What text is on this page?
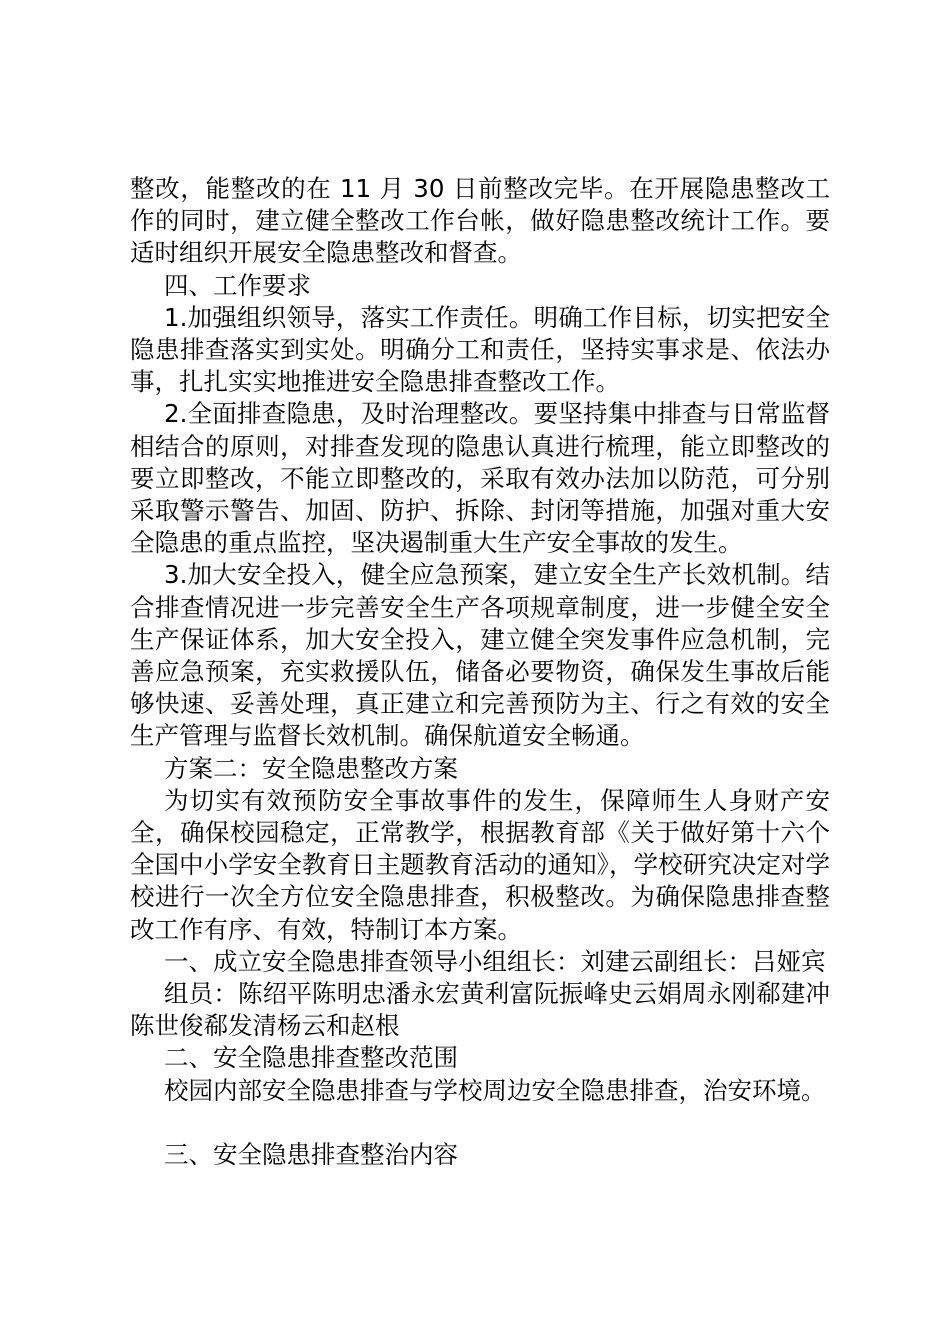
整改，能整改的在 11 月 30 日前整改完毕。在开展隐患整改工作的同时，建立健全整改工作台帐，做好隐患整改统计工作。要适时组织开展安全隐患整改和督查。

四、工作要求

1.加强组织领导，落实工作责任。明确工作目标，切实把安全隐患排查落实到实处。明确分工和责任，坚持实事求是、依法办事，扎扎实实地推进安全隐患排查整改工作。

2.全面排查隐患，及时治理整改。要坚持集中排查与日常监督相结合的原则，对排查发现的隐患认真进行梳理，能立即整改的要立即整改，不能立即整改的，采取有效办法加以防范，可分别采取警示警告、加固、防护、拆除、封闭等措施，加强对重大安全隐患的重点监控，坚决遏制重大生产安全事故的发生。

3.加大安全投入，健全应急预案，建立安全生产长效机制。结合排查情况进一步完善安全生产各项规章制度，进一步健全安全生产保证体系，加大安全投入，建立健全突发事件应急机制，完善应急预案，充实救援队伍，储备必要物资，确保发生事故后能够快速、妥善处理，真正建立和完善预防为主、行之有效的安全生产管理与监督长效机制。确保航道安全畅通。

方案二：安全隐患整改方案

为切实有效预防安全事故事件的发生，保障师生人身财产安全，确保校园稳定，正常教学，根据教育部《关于做好第十六个全国中小学安全教育日主题教育活动的通知》，学校研究决定对学校进行一次全方位安全隐患排查，积极整改。为确保隐患排查整改工作有序、有效，特制订本方案。

一、成立安全隐患排查领导小组组长：刘建云副组长：吕娅宾

组员：陈绍平陈明忠潘永宏黄利富阮振峰史云娟周永刚郗建冲陈世俊郗发清杨云和赵根

二、安全隐患排查整改范围

校园内部安全隐患排查与学校周边安全隐患排查，治安环境。

三、安全隐患排查整治内容
